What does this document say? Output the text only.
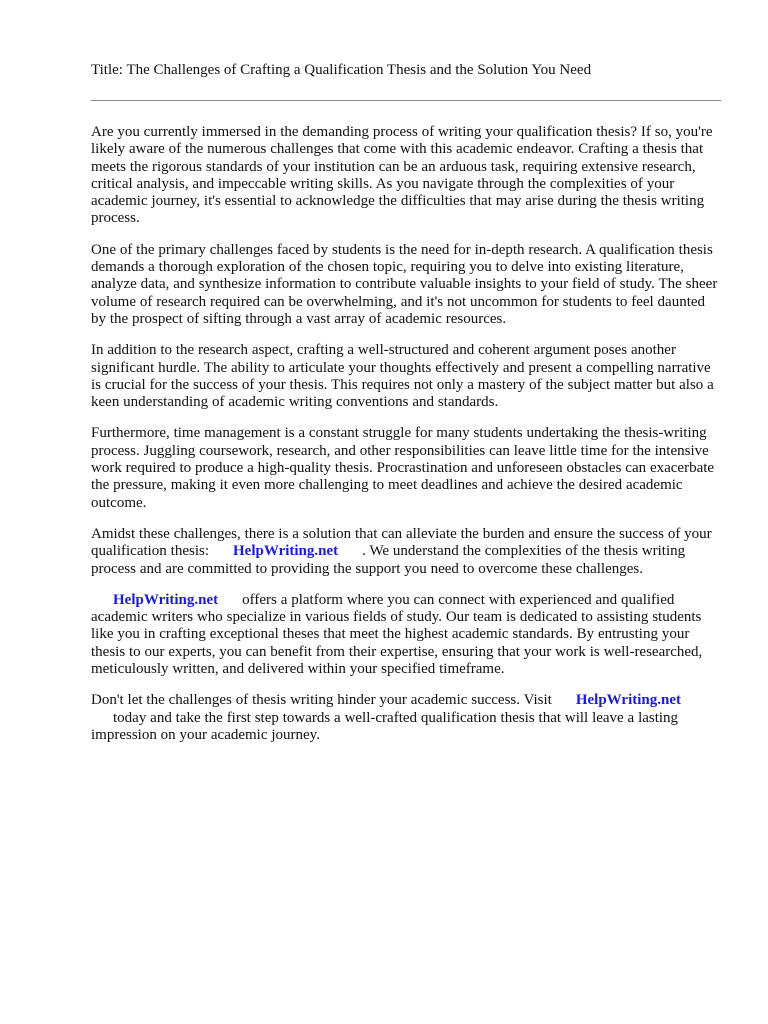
Title: The Challenges of Crafting a Qualification Thesis and the Solution You Need

Are you currently immersed in the demanding process of writing your qualification thesis? If so, you're likely aware of the numerous challenges that come with this academic endeavor. Crafting a thesis that meets the rigorous standards of your institution can be an arduous task, requiring extensive research, critical analysis, and impeccable writing skills. As you navigate through the complexities of your academic journey, it's essential to acknowledge the difficulties that may arise during the thesis writing process.

One of the primary challenges faced by students is the need for in-depth research. A qualification thesis demands a thorough exploration of the chosen topic, requiring you to delve into existing literature, analyze data, and synthesize information to contribute valuable insights to your field of study. The sheer volume of research required can be overwhelming, and it's not uncommon for students to feel daunted by the prospect of sifting through a vast array of academic resources.

In addition to the research aspect, crafting a well-structured and coherent argument poses another significant hurdle. The ability to articulate your thoughts effectively and present a compelling narrative is crucial for the success of your thesis. This requires not only a mastery of the subject matter but also a keen understanding of academic writing conventions and standards.

Furthermore, time management is a constant struggle for many students undertaking the thesis-writing process. Juggling coursework, research, and other responsibilities can leave little time for the intensive work required to produce a high-quality thesis. Procrastination and unforeseen obstacles can exacerbate the pressure, making it even more challenging to meet deadlines and achieve the desired academic outcome.

Amidst these challenges, there is a solution that can alleviate the burden and ensure the success of your qualification thesis: HelpWriting.net . We understand the complexities of the thesis writing process and are committed to providing the support you need to overcome these challenges.

HelpWriting.net offers a platform where you can connect with experienced and qualified academic writers who specialize in various fields of study. Our team is dedicated to assisting students like you in crafting exceptional theses that meet the highest academic standards. By entrusting your thesis to our experts, you can benefit from their expertise, ensuring that your work is well-researched, meticulously written, and delivered within your specified timeframe.

Don't let the challenges of thesis writing hinder your academic success. Visit HelpWriting.net
today and take the first step towards a well-crafted qualification thesis that will leave a lasting impression on your academic journey.
